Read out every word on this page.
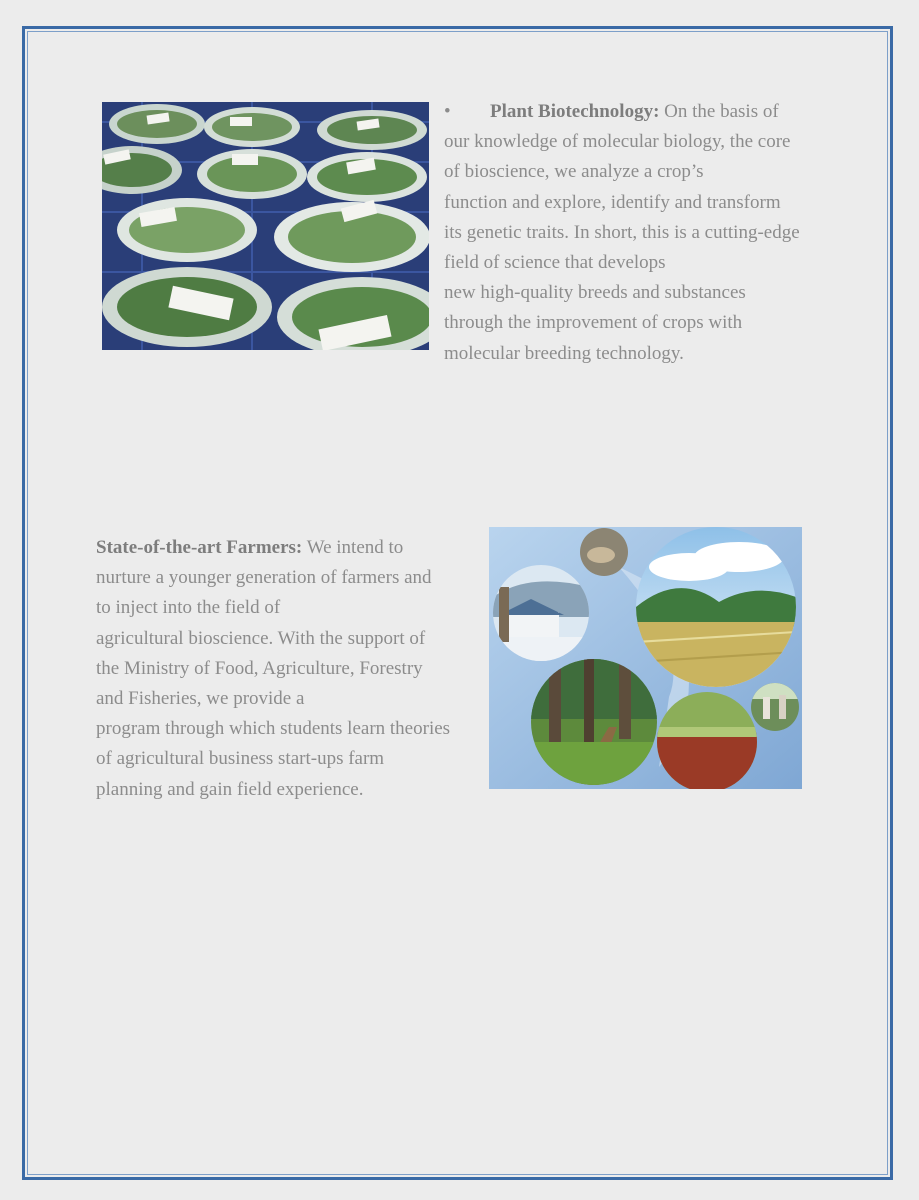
• Plant Biotechnology: On the basis of
our knowledge of molecular biology, the core
of bioscience, we analyze a crop’s
function and explore, identify and transform
its genetic traits. In short, this is a cutting-edge
field of science that develops
new high-quality breeds and substances
through the improvement of crops with
molecular breeding technology.
State-of-the-art Farmers: We intend to
nurture a younger generation of farmers and
to inject into the field of
agricultural bioscience. With the support of
the Ministry of Food, Agriculture, Forestry
and Fisheries, we provide a
program through which students learn theories
of agricultural business start-ups farm
planning and gain field experience.
